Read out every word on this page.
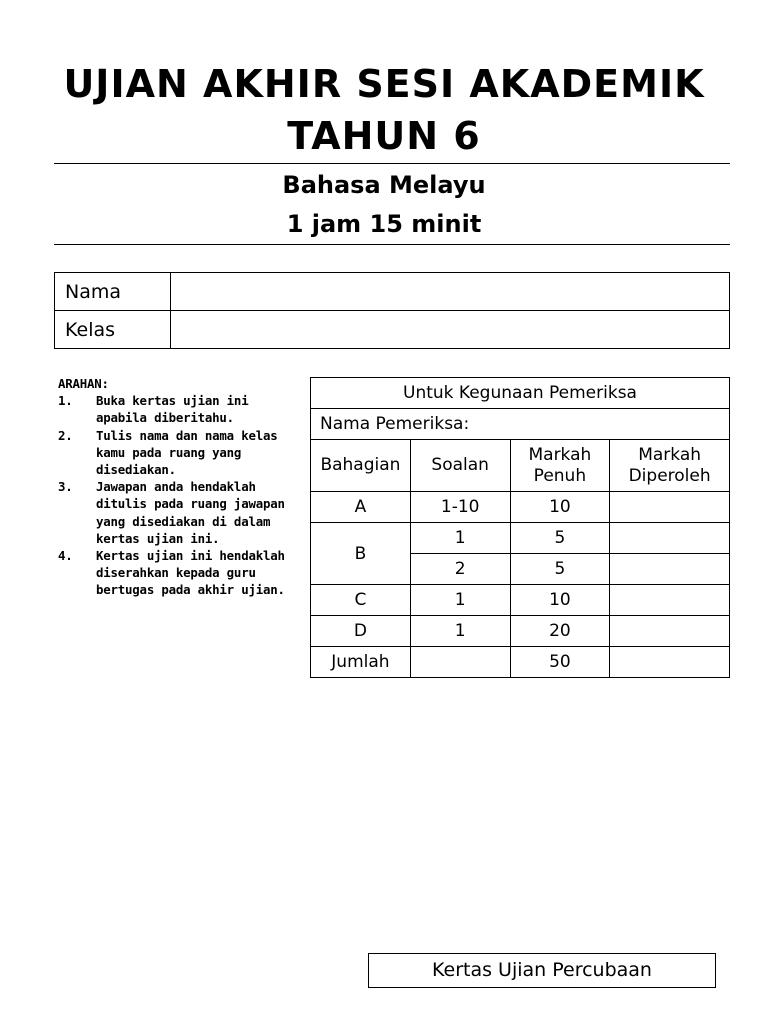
UJIAN AKHIR SESI AKADEMIK
TAHUN 6
Bahasa Melayu
1 jam 15 minit
Nama	
Kelas	
ARAHAN:
1.	Buka kertas ujian ini apabila diberitahu.
2.	Tulis nama dan nama kelas kamu pada ruang yang disediakan.
3.	Jawapan anda hendaklah ditulis pada ruang jawapan yang disediakan di dalam kertas ujian ini.
4.	Kertas ujian ini hendaklah diserahkan kepada guru bertugas pada akhir ujian.
Untuk Kegunaan Pemeriksa			
Nama Pemeriksa:			
Bahagian	Soalan	Markah Penuh	Markah Diperoleh
A	1-10	10	
B	1	5	
	2	5	
C	1	10	
D	1	20	
Jumlah		50	
Kertas Ujian Percubaan
